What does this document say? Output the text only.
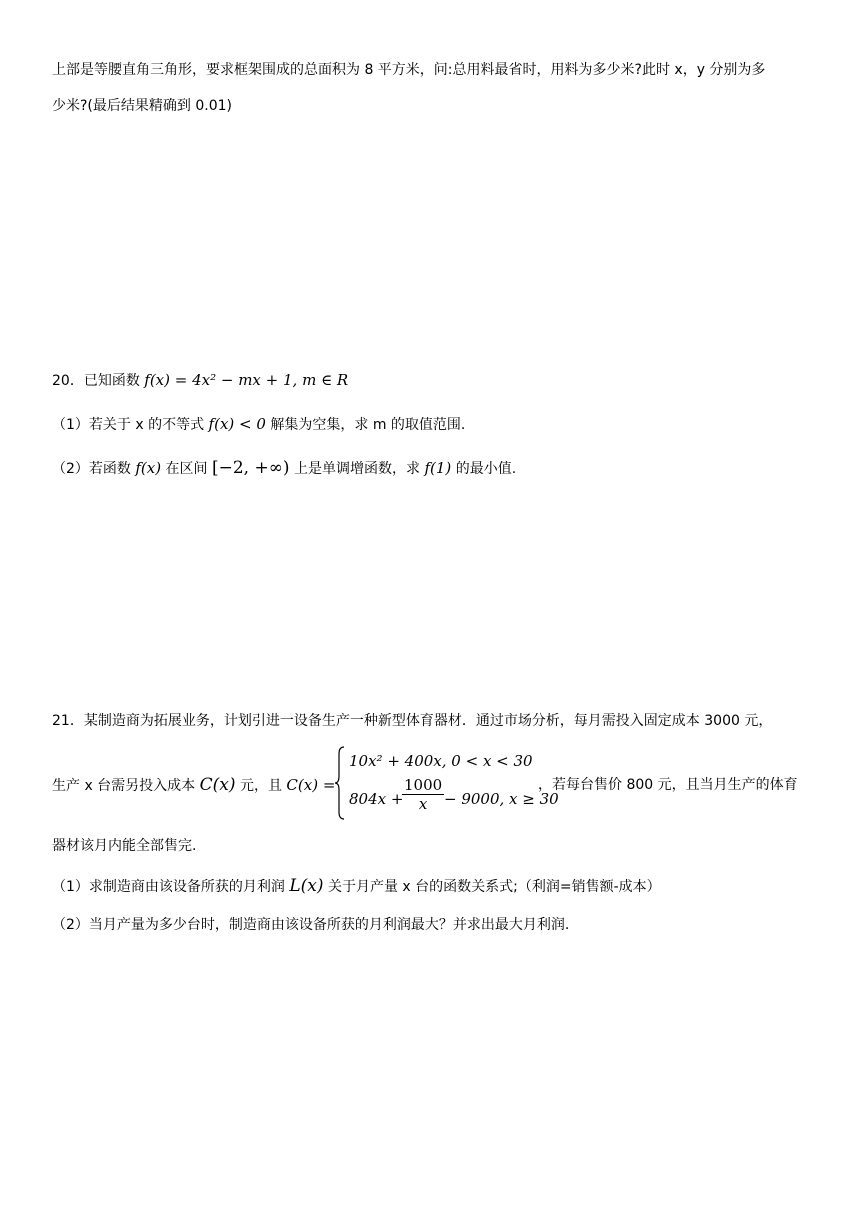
上部是等腰直角三角形，要求框架围成的总面积为 8 平方米，问:总用料最省时，用料为多少米?此时 x，y 分别为多
少米?(最后结果精确到 0.01)
20．已知函数 f(x) = 4x² − mx + 1, m ∈ R
（1）若关于 x 的不等式 f(x) < 0 解集为空集，求 m 的取值范围.
（2）若函数 f(x) 在区间 [−2, +∞) 上是单调增函数，求 f(1) 的最小值.
21．某制造商为拓展业务，计划引进一设备生产一种新型体育器材．通过市场分析，每月需投入固定成本 3000 元，
生产 x 台需另投入成本 C(x) 元，且 C(x) =
10x² + 400x, 0 < x < 30
804x +
$\frac{1000}{x} - 9000$, x ≥ 30
，若每台售价 800 元，且当月生产的体育
器材该月内能全部售完.
（1）求制造商由该设备所获的月利润 L(x) 关于月产量 x 台的函数关系式;（利润=销售额-成本）
（2）当月产量为多少台时，制造商由该设备所获的月利润最大？并求出最大月利润.
